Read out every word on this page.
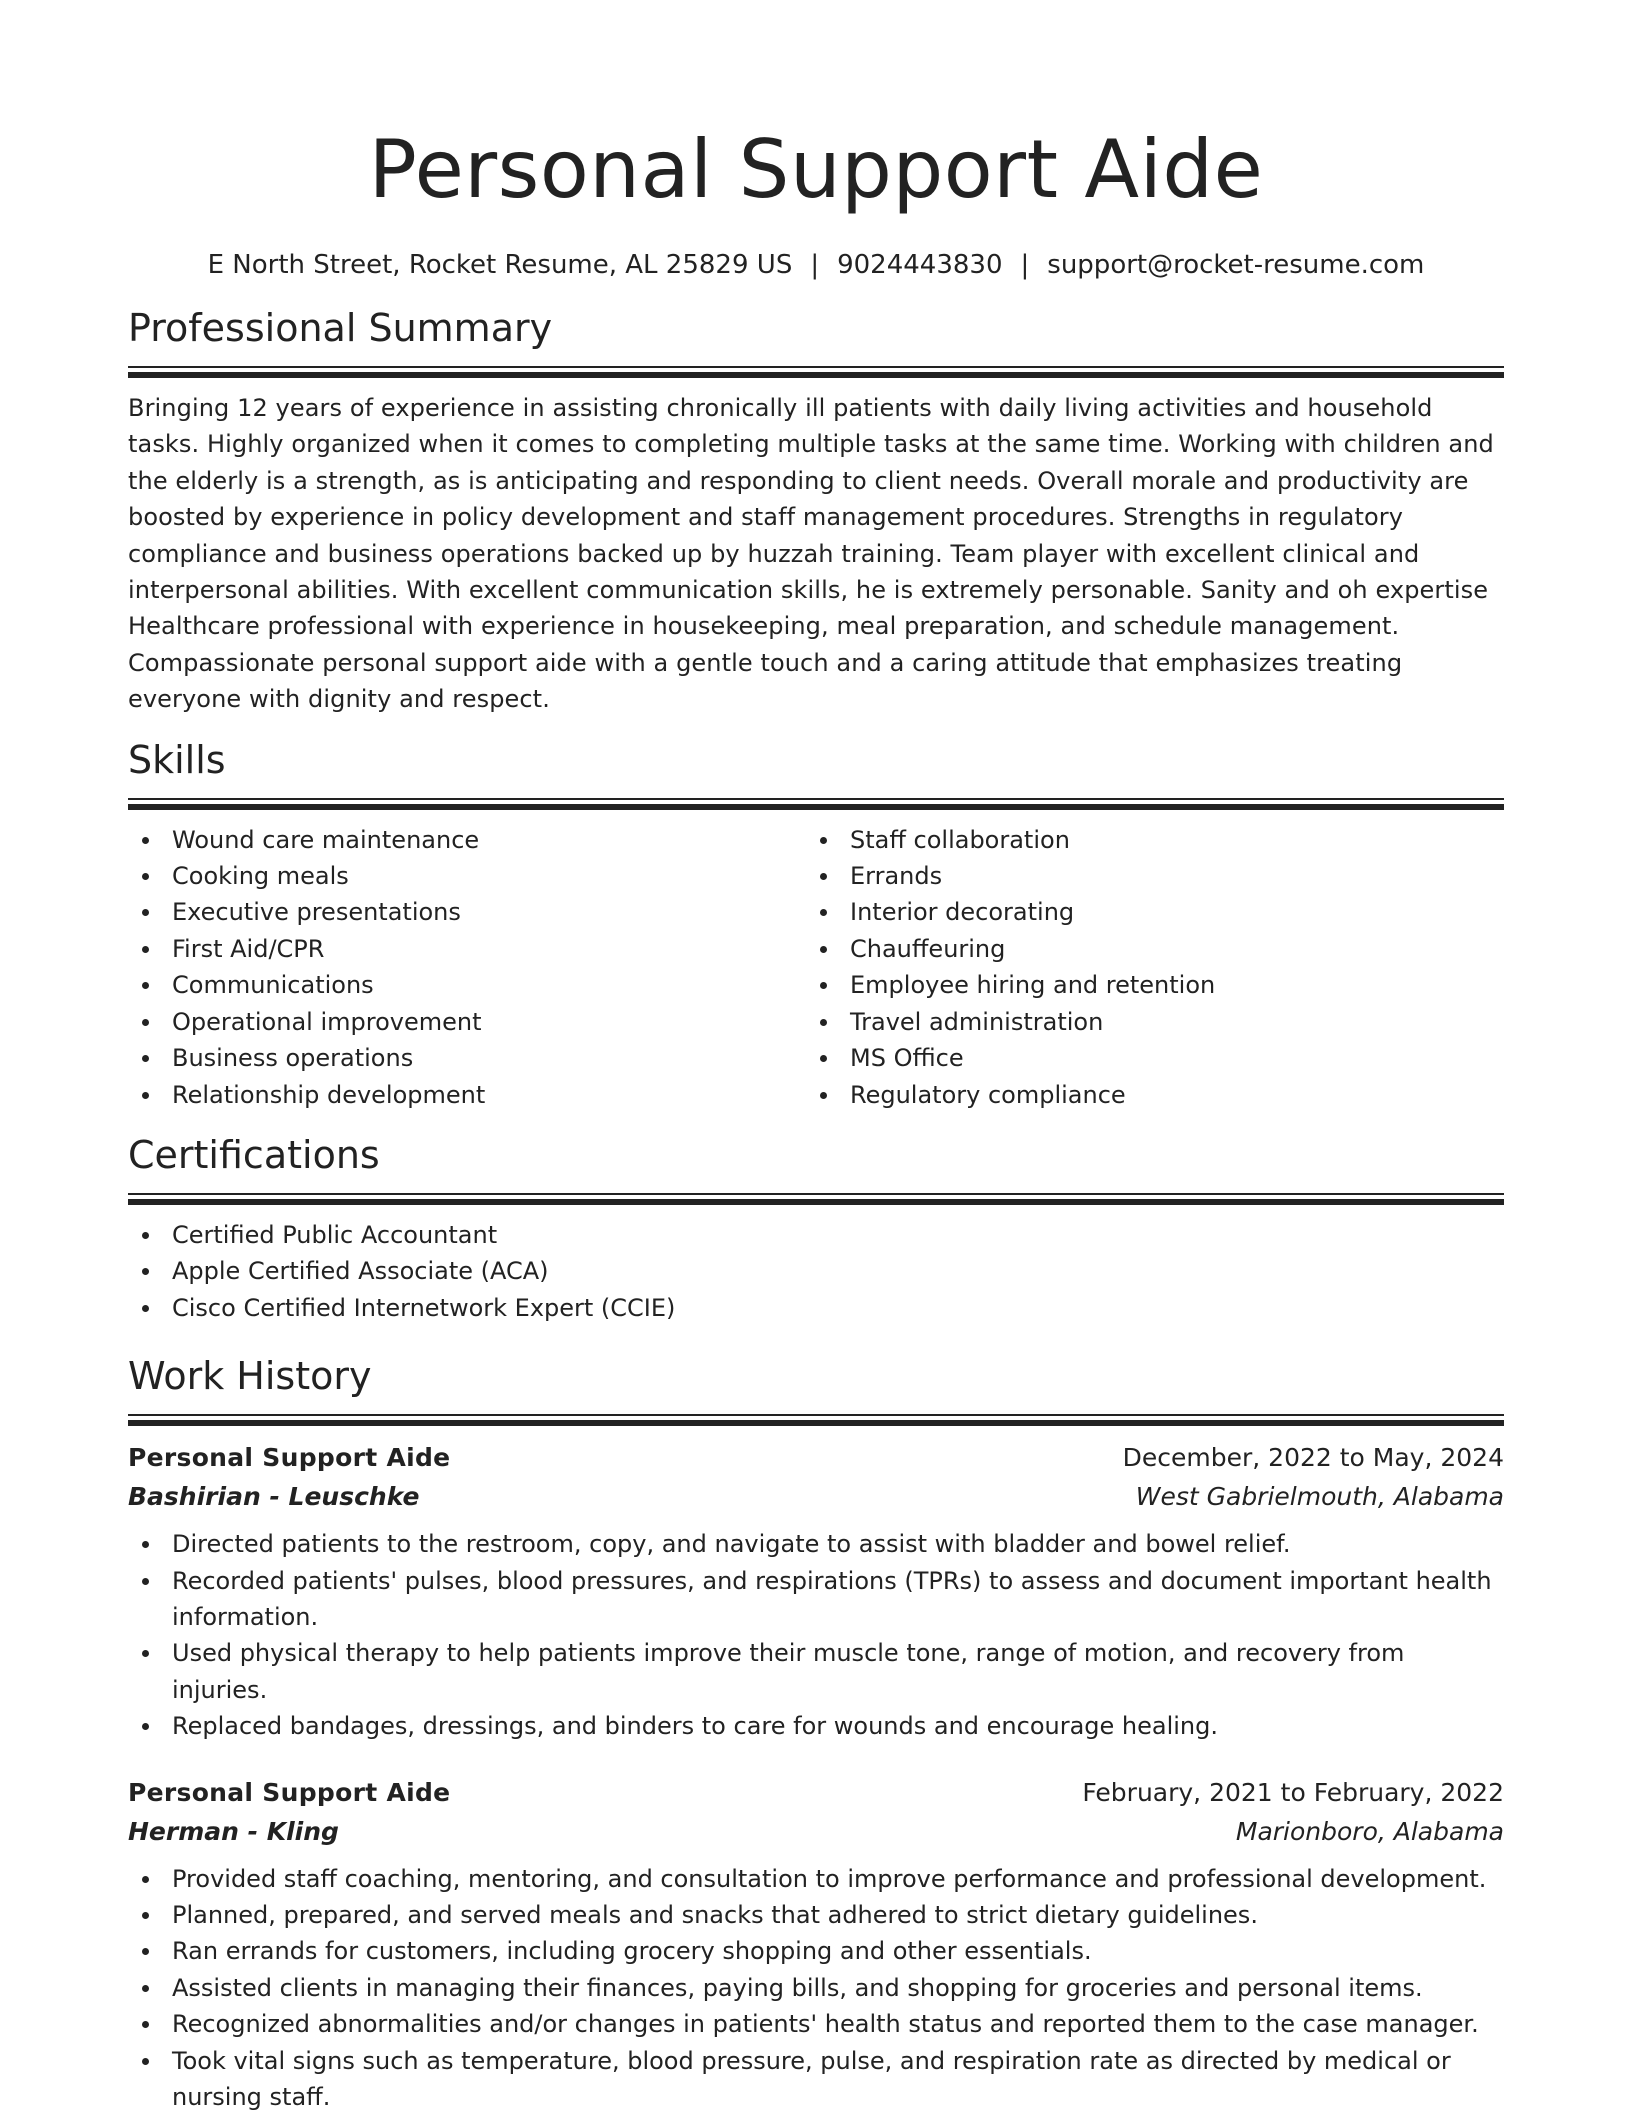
Personal Support Aide
E North Street, Rocket Resume, AL 25829 US | 9024443830 | support@rocket-resume.com
Professional Summary

Bringing 12 years of experience in assisting chronically ill patients with daily living activities and household tasks. Highly organized when it comes to completing multiple tasks at the same time. Working with children and the elderly is a strength, as is anticipating and responding to client needs. Overall morale and productivity are boosted by experience in policy development and staff management procedures. Strengths in regulatory compliance and business operations backed up by huzzah training. Team player with excellent clinical and interpersonal abilities. With excellent communication skills, he is extremely personable. Sanity and oh expertise Healthcare professional with experience in housekeeping, meal preparation, and schedule management. Compassionate personal support aide with a gentle touch and a caring attitude that emphasizes treating everyone with dignity and respect.

Skills
Wound care maintenance
Cooking meals
Executive presentations
First Aid/CPR
Communications
Operational improvement
Business operations
Relationship development
Staff collaboration
Errands
Interior decorating
Chauffeuring
Employee hiring and retention
Travel administration
MS Office
Regulatory compliance
Certifications
Certified Public Accountant
Apple Certified Associate (ACA)
Cisco Certified Internetwork Expert (CCIE)
Work History
Personal Support Aide	December, 2022 to May, 2024
Bashirian - Leuschke	West Gabrielmouth, Alabama
Directed patients to the restroom, copy, and navigate to assist with bladder and bowel relief.
Recorded patients' pulses, blood pressures, and respirations (TPRs) to assess and document important health information.
Used physical therapy to help patients improve their muscle tone, range of motion, and recovery from injuries.
Replaced bandages, dressings, and binders to care for wounds and encourage healing.
Personal Support Aide	February, 2021 to February, 2022
Herman - Kling	Marionboro, Alabama
Provided staff coaching, mentoring, and consultation to improve performance and professional development.
Planned, prepared, and served meals and snacks that adhered to strict dietary guidelines.
Ran errands for customers, including grocery shopping and other essentials.
Assisted clients in managing their finances, paying bills, and shopping for groceries and personal items.
Recognized abnormalities and/or changes in patients' health status and reported them to the case manager.
Took vital signs such as temperature, blood pressure, pulse, and respiration rate as directed by medical or nursing staff.
